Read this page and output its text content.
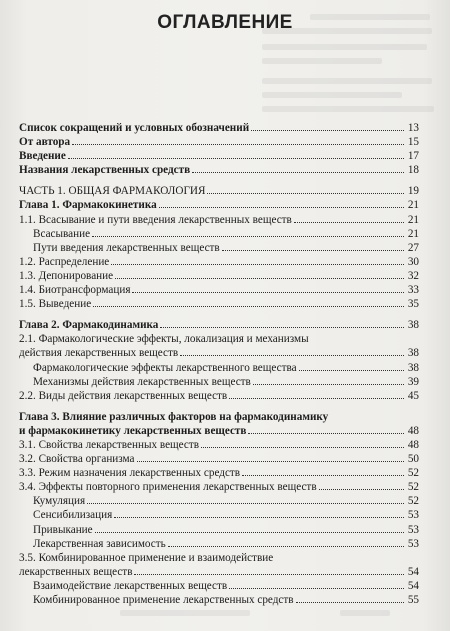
ОГЛАВЛЕНИЕ
Список сокращений и условных обозначений	13
От автора	15
Введение	17
Названия лекарственных средств	18
ЧАСТЬ 1. ОБЩАЯ ФАРМАКОЛОГИЯ	19
Глава 1. Фармакокинетика	21
1.1. Всасывание и пути введения лекарственных веществ	21
Всасывание	21
Пути введения лекарственных веществ	27
1.2. Распределение	30
1.3. Депонирование	32
1.4. Биотрансформация	33
1.5. Выведение	35
Глава 2. Фармакодинамика	38
2.1. Фармакологические эффекты, локализация и механизмы
действия лекарственных веществ	38
Фармакологические эффекты лекарственного вещества	38
Механизмы действия лекарственных веществ	39
2.2. Виды действия лекарственных веществ	45
Глава 3. Влияние различных факторов на фармакодинамику
и фармакокинетику лекарственных веществ	48
3.1. Свойства лекарственных веществ	48
3.2. Свойства организма	50
3.3. Режим назначения лекарственных средств	52
3.4. Эффекты повторного применения лекарственных веществ	52
Кумуляция	52
Сенсибилизация	53
Привыкание	53
Лекарственная зависимость	53
3.5. Комбинированное применение и взаимодействие
лекарственных веществ	54
Взаимодействие лекарственных веществ	54
Комбинированное применение лекарственных средств	55
